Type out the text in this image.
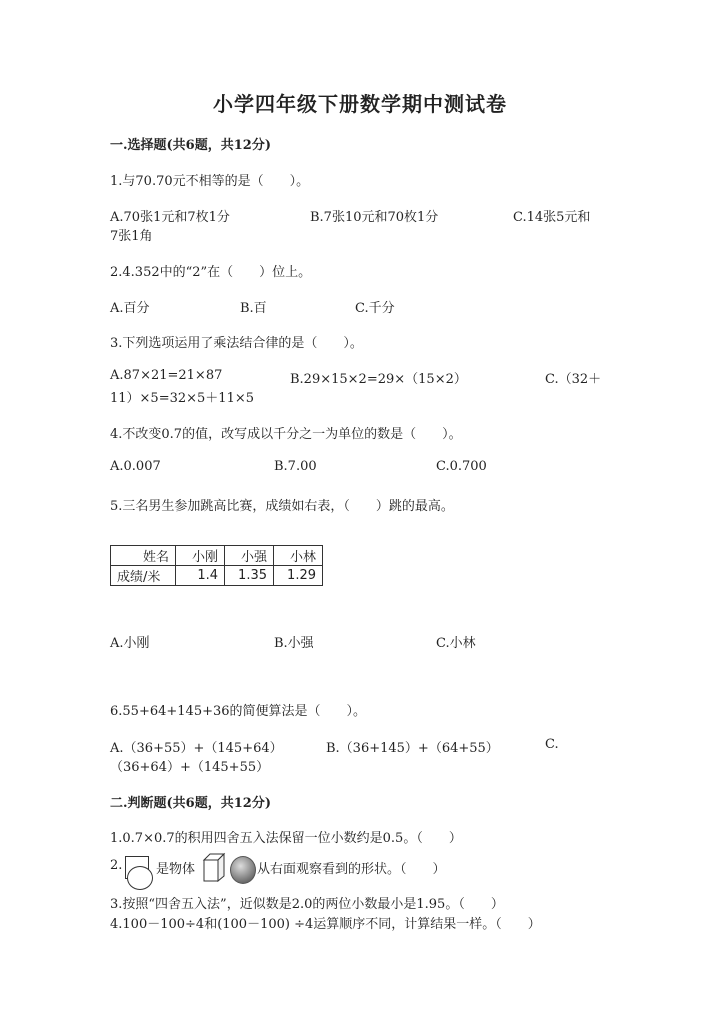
小学四年级下册数学期中测试卷
一.选择题(共6题，共12分)
1.与70.70元不相等的是（　　）。
A.70张1元和7枚1分	B.7张10元和70枚1分	C.14张5元和
7张1角
2.4.352中的“2”在（　　）位上。
A.百分	B.百	C.千分
3.下列选项运用了乘法结合律的是（　　）。
A.87×21=21×87	B.29×15×2=29×（15×2）	C.（32＋
11）×5=32×5＋11×5
4.不改变0.7的值，改写成以千分之一为单位的数是（　　）。
A.0.007	B.7.00	C.0.700
5.三名男生参加跳高比赛，成绩如右表，（　　）跳的最高。
姓名	小刚	小强	小林
成绩/米	1.4	1.35	1.29
A.小刚	B.小强	C.小林
6.55+64+145+36的简便算法是（　　）。
A.（36+55）+（145+64）	B.（36+145）+（64+55）	C.
（36+64）+（145+55）
二.判断题(共6题，共12分)
1.0.7×0.7的积用四舍五入法保留一位小数约是0.5。（　　）
2.	是物体	从右面观察看到的形状。（　　）
3.按照“四舍五入法”，近似数是2.0的两位小数最小是1.95。（　　）
4.100－100÷4和(100－100) ÷4运算顺序不同，计算结果一样。（　　）
